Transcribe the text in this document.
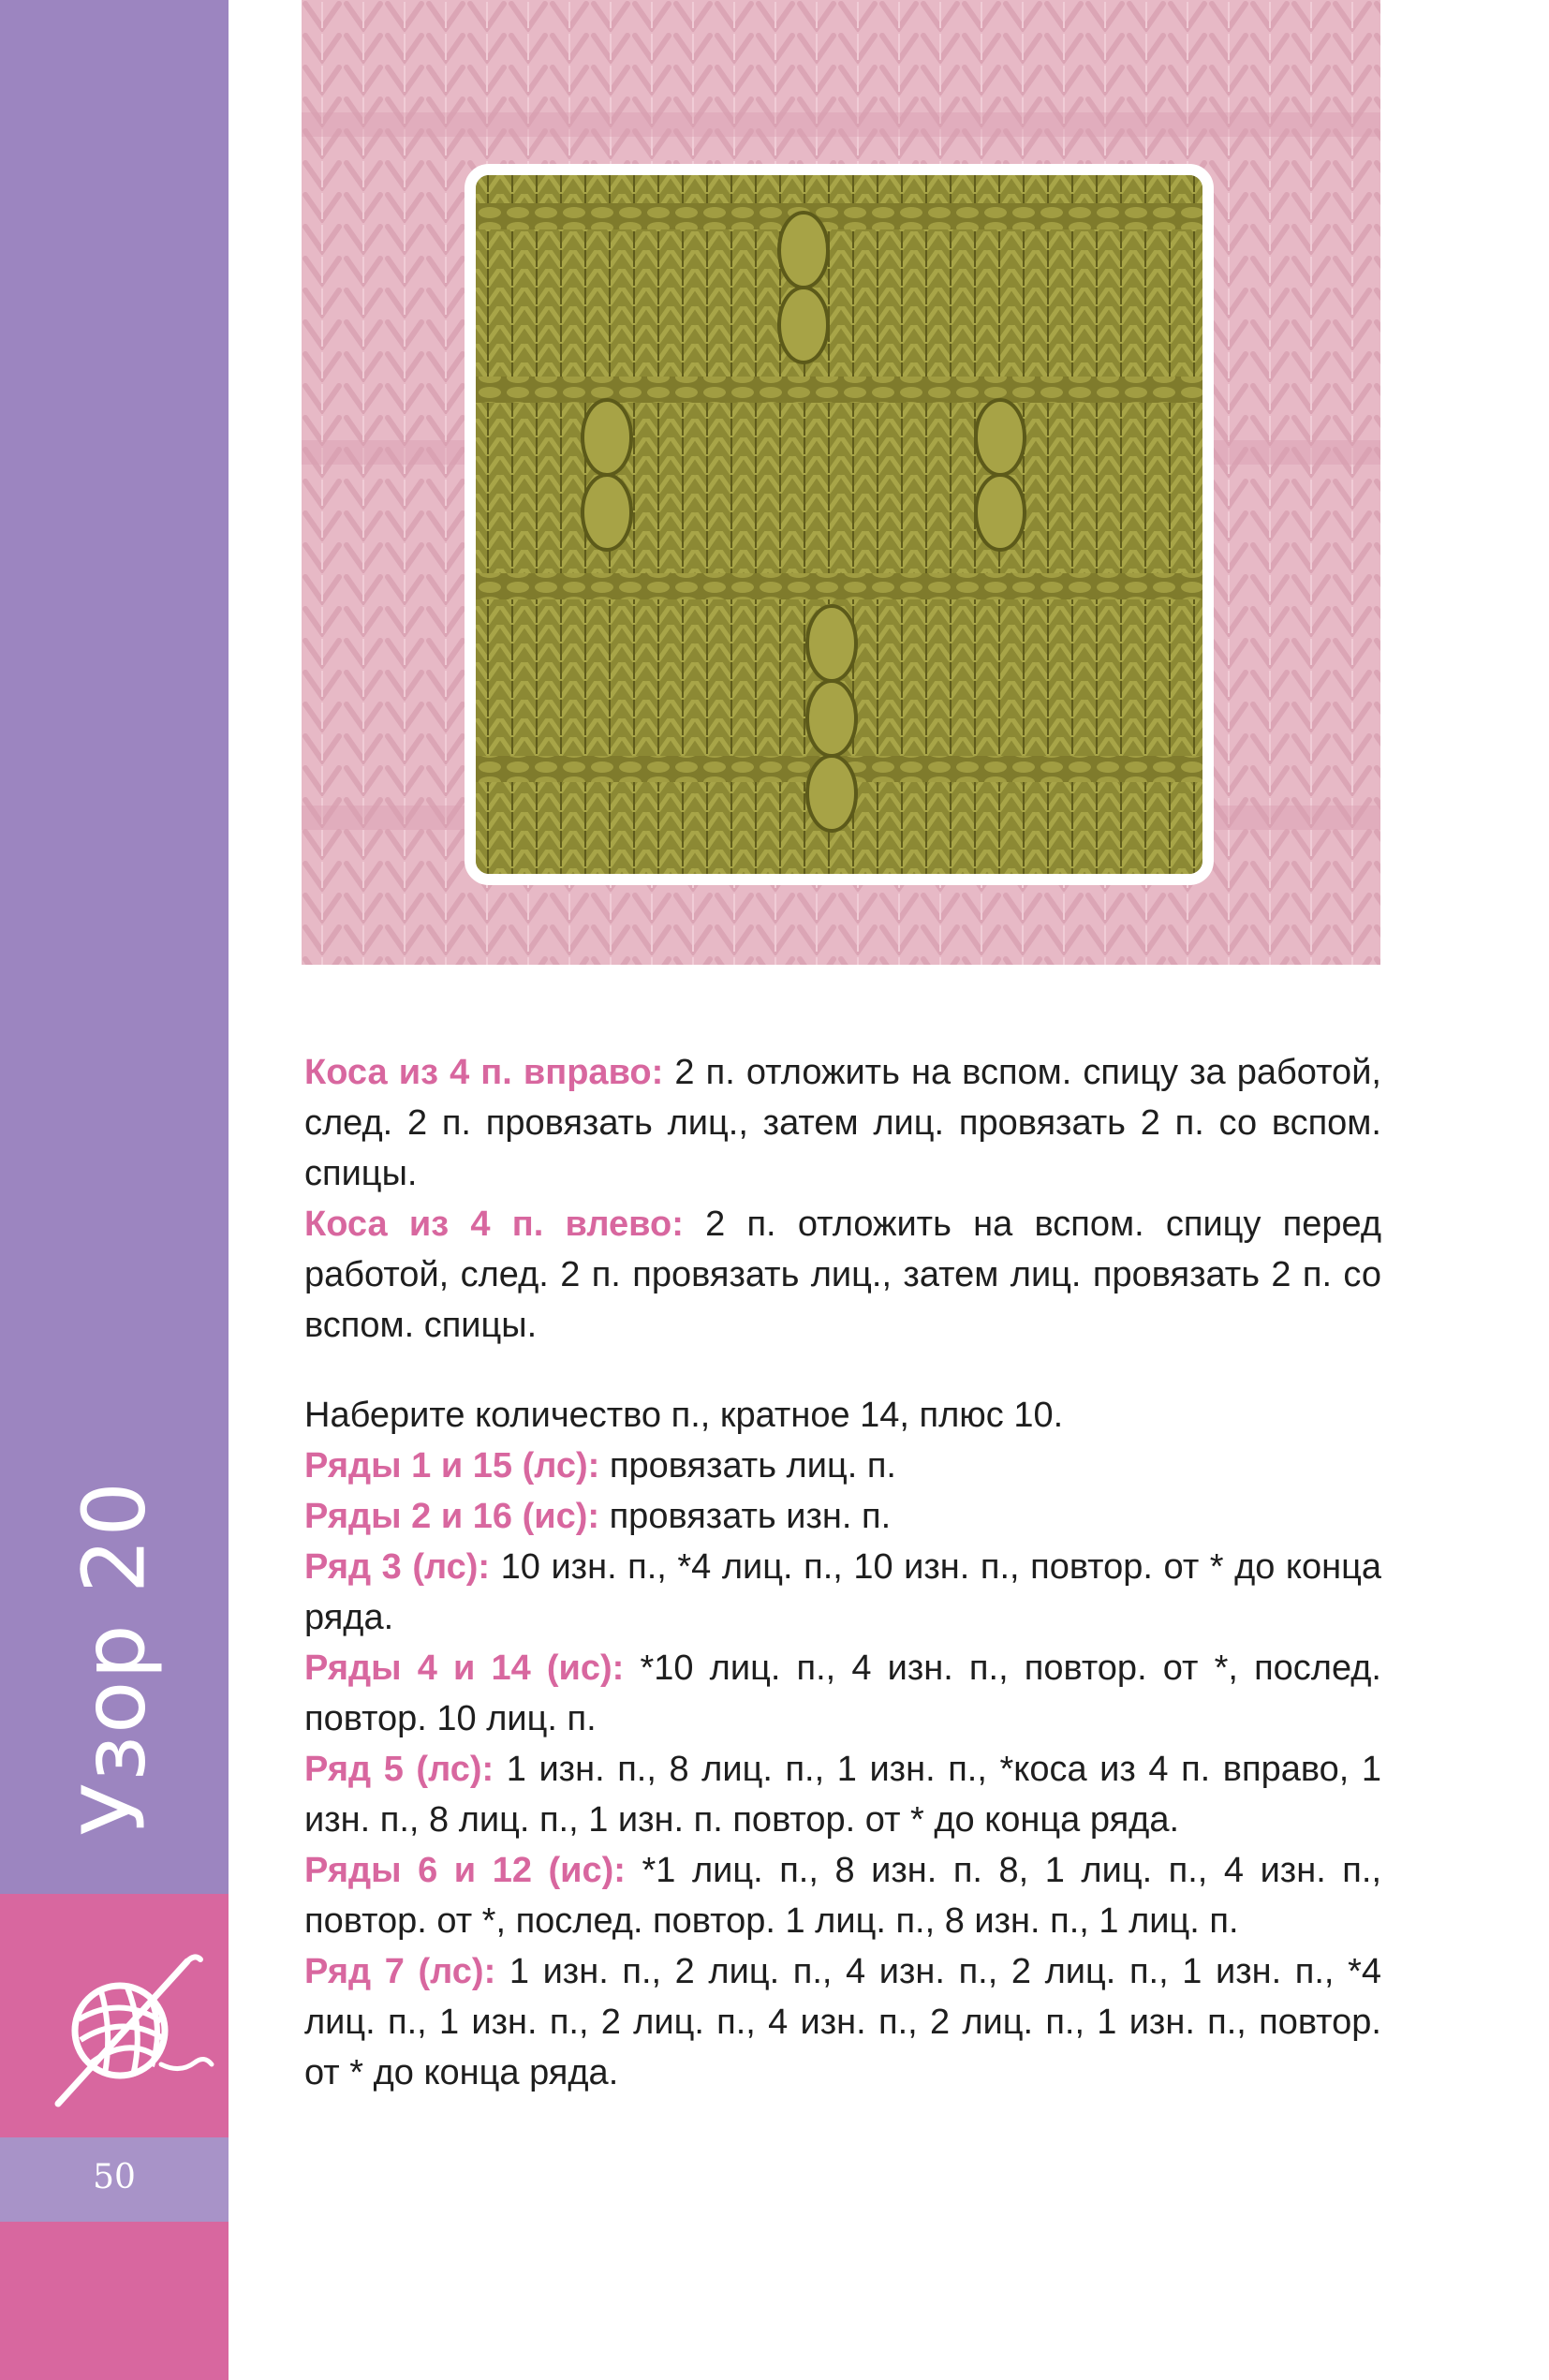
Узор 20
50

Коса из 4 п. вправо: 2 п. отложить на вспом. спицу за работой, след. 2 п. провязать лиц., затем лиц. провязать 2 п. со вспом. спицы.

Коса из 4 п. влево: 2 п. отложить на вспом. спицу перед работой, след. 2 п. провязать лиц., затем лиц. провязать 2 п. со вспом. спицы.

Наберите количество п., кратное 14, плюс 10.

Ряды 1 и 15 (лс): провязать лиц. п.

Ряды 2 и 16 (ис): провязать изн. п.

Ряд 3 (лс): 10 изн. п., *4 лиц. п., 10 изн. п., повтор. от * до конца ряда.

Ряды 4 и 14 (ис): *10 лиц. п., 4 изн. п., повтор. от *, послед. повтор. 10 лиц. п.

Ряд 5 (лс): 1 изн. п., 8 лиц. п., 1 изн. п., *коса из 4 п. вправо, 1 изн. п., 8 лиц. п., 1 изн. п. повтор. от * до конца ряда.

Ряды 6 и 12 (ис): *1 лиц. п., 8 изн. п. 8, 1 лиц. п., 4 изн. п., повтор. от *, послед. повтор. 1 лиц. п., 8 изн. п., 1 лиц. п.

Ряд 7 (лс): 1 изн. п., 2 лиц. п., 4 изн. п., 2 лиц. п., 1 изн. п., *4 лиц. п., 1 изн. п., 2 лиц. п., 4 изн. п., 2 лиц. п., 1 изн. п., повтор. от * до конца ряда.
